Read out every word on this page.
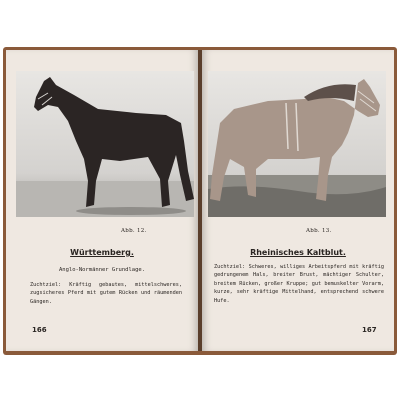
Abb. 12.
Württemberg.
Anglo-Normänner Grundlage.
Zuchtziel: Kräftig gebautes, mittelschweres, zugsicheres Pferd mit gutem Rücken und räumenden Gängen.
166
Abb. 13.
Rheinisches Kaltblut.
Zuchtziel: Schweres, williges Arbeitspferd mit kräftig gedrungenem Hals, breiter Brust, mächtiger Schulter, breitem Rücken, großer Kruppe; gut bemuskelter Vorarm, kurze, sehr kräftige Mittelhand, entsprechend schwere Hufe.
167
